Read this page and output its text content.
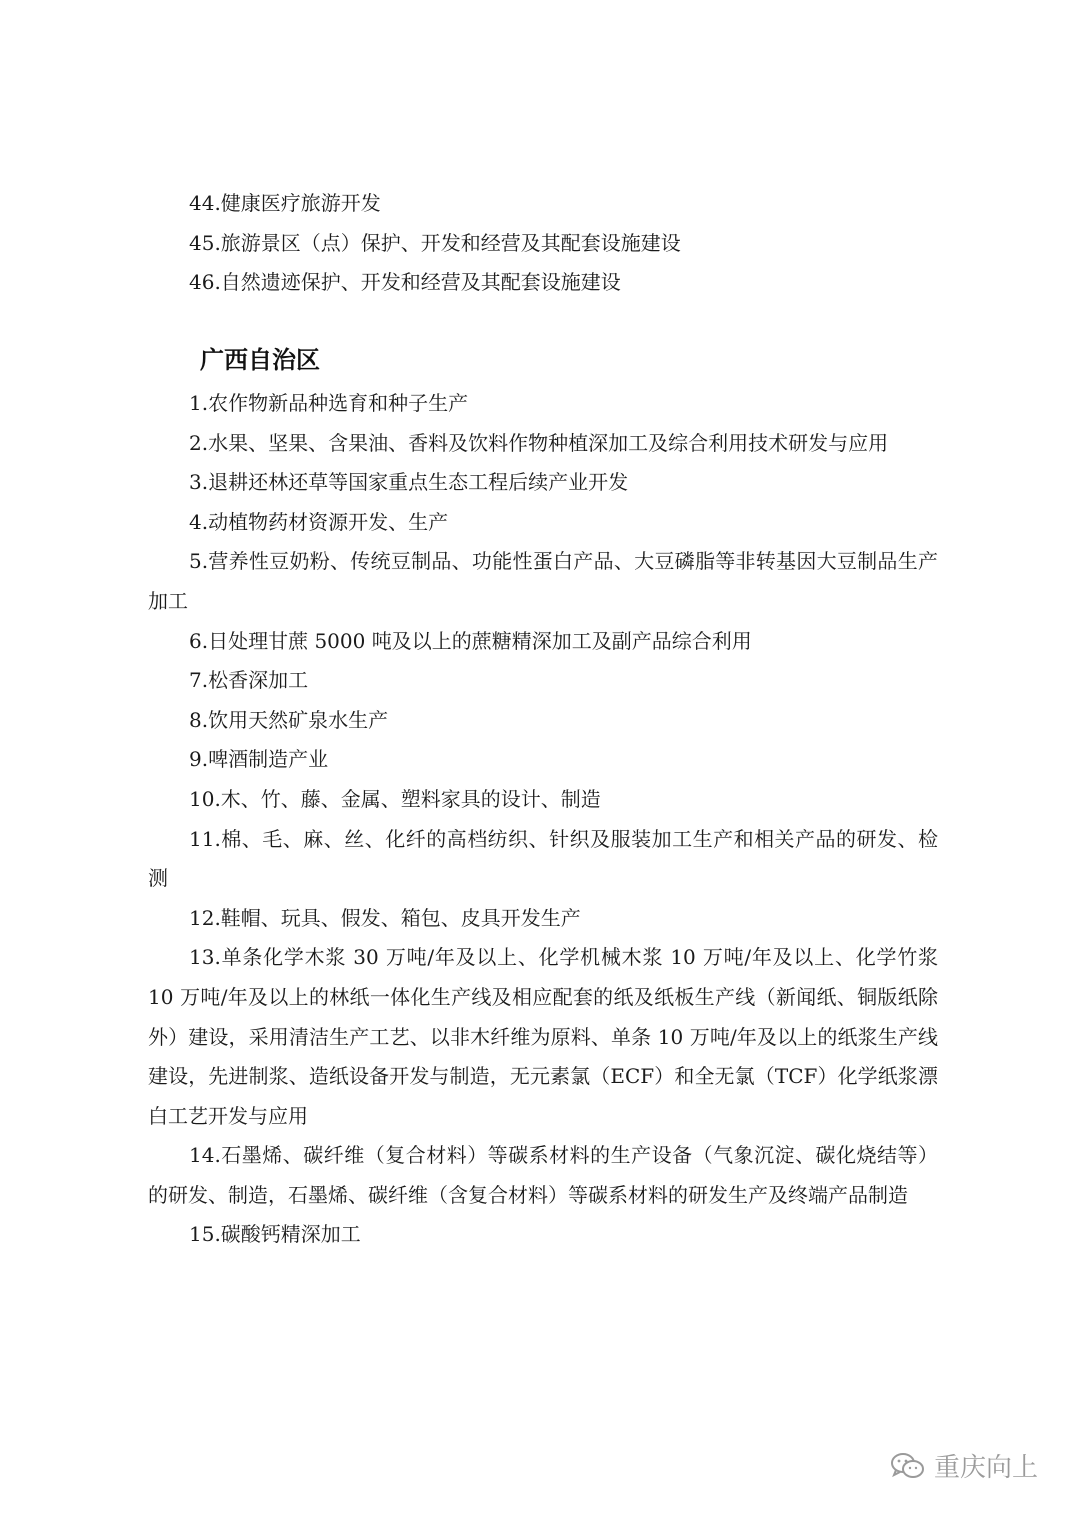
44.健康医疗旅游开发

45.旅游景区（点）保护、开发和经营及其配套设施建设

46.自然遗迹保护、开发和经营及其配套设施建设

广西自治区

1.农作物新品种选育和种子生产

2.水果、坚果、含果油、香料及饮料作物种植深加工及综合利用技术研发与应用

3.退耕还林还草等国家重点生态工程后续产业开发

4.动植物药材资源开发、生产

5.营养性豆奶粉、传统豆制品、功能性蛋白产品、大豆磷脂等非转基因大豆制品生产加工

6.日处理甘蔗 5000 吨及以上的蔗糖精深加工及副产品综合利用

7.松香深加工

8.饮用天然矿泉水生产

9.啤酒制造产业

10.木、竹、藤、金属、塑料家具的设计、制造

11.棉、毛、麻、丝、化纤的高档纺织、针织及服装加工生产和相关产品的研发、检测

12.鞋帽、玩具、假发、箱包、皮具开发生产

13.单条化学木浆 30 万吨/年及以上、化学机械木浆 10 万吨/年及以上、化学竹浆 10 万吨/年及以上的林纸一体化生产线及相应配套的纸及纸板生产线（新闻纸、铜版纸除外）建设，采用清洁生产工艺、以非木纤维为原料、单条 10 万吨/年及以上的纸浆生产线建设，先进制浆、造纸设备开发与制造，无元素氯（ECF）和全无氯（TCF）化学纸浆漂白工艺开发与应用

14.石墨烯、碳纤维（复合材料）等碳系材料的生产设备（气象沉淀、碳化烧结等）的研发、制造，石墨烯、碳纤维（含复合材料）等碳系材料的研发生产及终端产品制造

15.碳酸钙精深加工

重庆向上
